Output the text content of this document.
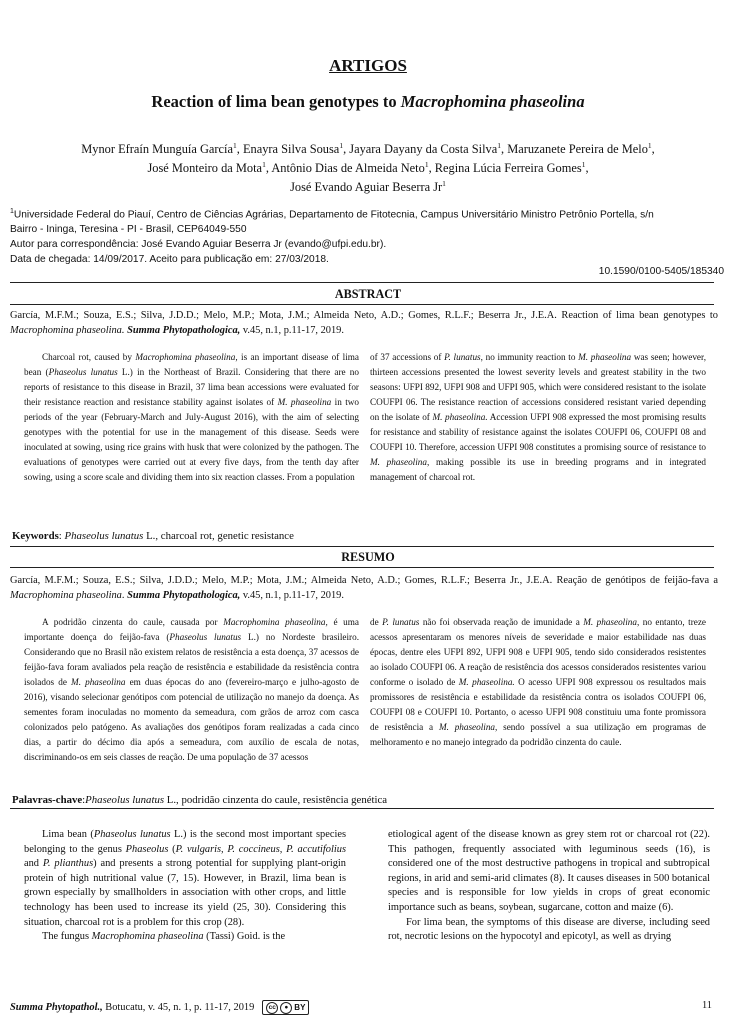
ARTIGOS
Reaction of lima bean genotypes to Macrophomina phaseolina
Mynor Efraín Munguía García$^1$, Enayra Silva Sousa$^1$, Jayara Dayany da Costa Silva$^1$, Maruzanete Pereira de Melo$^1$,
José Monteiro da Mota$^1$, Antônio Dias de Almeida Neto$^1$, Regina Lúcia Ferreira Gomes$^1$,
José Evando Aguiar Beserra Jr$^1$
$^1$Universidade Federal do Piauí, Centro de Ciências Agrárias, Departamento de Fitotecnia, Campus Universitário Ministro Petrônio Portella, s/n
Bairro - Ininga, Teresina - PI - Brasil, CEP64049-550
Autor para correspondência: José Evando Aguiar Beserra Jr (evando@ufpi.edu.br).
Data de chegada: 14/09/2017. Aceito para publicação em: 27/03/2018.
10.1590/0100-5405/185340
ABSTRACT
García, M.F.M.; Souza, E.S.; Silva, J.D.D.; Melo, M.P.; Mota, J.M.; Almeida Neto, A.D.; Gomes, R.L.F.; Beserra Jr., J.E.A. Reaction of lima bean genotypes to Macrophomina phaseolina. Summa Phytopathologica, v.45, n.1, p.11-17, 2019.
Charcoal rot, caused by Macrophomina phaseolina, is an important disease of lima bean (Phaseolus lunatus L.) in the Northeast of Brazil. Considering that there are no reports of resistance to this disease in Brazil, 37 lima bean accessions were evaluated for their resistance reaction and resistance stability against isolates of M. phaseolina in two periods of the year (February-March and July-August 2016), with the aim of selecting genotypes with the potential for use in the management of this disease. Seeds were inoculated at sowing, using rice grains with husk that were colonized by the pathogen. The evaluations of genotypes were carried out at every five days, from the tenth day after sowing, using a score scale and dividing them into six reaction classes. From a population
of 37 accessions of P. lunatus, no immunity reaction to M. phaseolina was seen; however, thirteen accessions presented the lowest severity levels and greatest stability in the two seasons: UFPI 892, UFPI 908 and UFPI 905, which were considered resistant to the isolate COUFPI 06. The resistance reaction of accessions considered resistant varied depending on the isolate of M. phaseolina. Accession UFPI 908 expressed the most promising results for resistance and stability of resistance against the isolates COUFPI 06, COUFPI 08 and COUFPI 10. Therefore, accession UFPI 908 constitutes a promising source of resistance to M. phaseolina, making possible its use in breeding programs and in integrated management of charcoal rot.
Keywords: Phaseolus lunatus L., charcoal rot, genetic resistance
RESUMO
García, M.F.M.; Souza, E.S.; Silva, J.D.D.; Melo, M.P.; Mota, J.M.; Almeida Neto, A.D.; Gomes, R.L.F.; Beserra Jr., J.E.A. Reação de genótipos de feijão-fava a Macrophomina phaseolina. Summa Phytopathologica, v.45, n.1, p.11-17, 2019.
A podridão cinzenta do caule, causada por Macrophomina phaseolina, é uma importante doença do feijão-fava (Phaseolus lunatus L.) no Nordeste brasileiro. Considerando que no Brasil não existem relatos de resistência a esta doença, 37 acessos de feijão-fava foram avaliados pela reação de resistência e estabilidade da resistência contra isolados de M. phaseolina em duas épocas do ano (fevereiro-março e julho-agosto de 2016), visando selecionar genótipos com potencial de utilização no manejo da doença. As sementes foram inoculadas no momento da semeadura, com grãos de arroz com casca colonizados pelo patógeno. As avaliações dos genótipos foram realizadas a cada cinco dias, a partir do décimo dia após a semeadura, com auxílio de escala de notas, discriminando-os em seis classes de reação. De uma população de 37 acessos
de P. lunatus não foi observada reação de imunidade a M. phaseolina, no entanto, treze acessos apresentaram os menores níveis de severidade e maior estabilidade nas duas épocas, dentre eles UFPI 892, UFPI 908 e UFPI 905, tendo sido considerados resistentes ao isolado COUFPI 06. A reação de resistência dos acessos considerados resistentes variou conforme o isolado de M. phaseolina. O acesso UFPI 908 expressou os resultados mais promissores de resistência e estabilidade da resistência contra os isolados COUFPI 06, COUFPI 08 e COUFPI 10. Portanto, o acesso UFPI 908 constituiu uma fonte promissora de resistência a M. phaseolina, sendo possível a sua utilização em programas de melhoramento e no manejo integrado da podridão cinzenta do caule.
Palavras-chave:Phaseolus lunatus L., podridão cinzenta do caule, resistência genética

Lima bean (Phaseolus lunatus L.) is the second most important species belonging to the genus Phaseolus (P. vulgaris, P. coccineus, P. accutifolius and P. plianthus) and presents a strong potential for supplying plant-origin protein of high nutritional value (7, 15). However, in Brazil, lima bean is grown especially by smallholders in association with other crops, and little technology has been used to increase its yield (25, 30). Considering this situation, charcoal rot is a problem for this crop (28).

The fungus Macrophomina phaseolina (Tassi) Goid. is the

etiological agent of the disease known as grey stem rot or charcoal rot (22). This pathogen, frequently associated with leguminous seeds (16), is considered one of the most destructive pathogens in tropical and subtropical regions, in arid and semi-arid climates (8). It causes diseases in 500 botanical species and is responsible for low yields in crops of great economic importance such as beans, soybean, sugarcane, cotton and maize (6).

For lima bean, the symptoms of this disease are diverse, including seed rot, necrotic lesions on the hypocotyl and epicotyl, as well as drying

Summa Phytopathol., Botucatu, v. 45, n. 1, p. 11-17, 2019	cc	● BY	11
